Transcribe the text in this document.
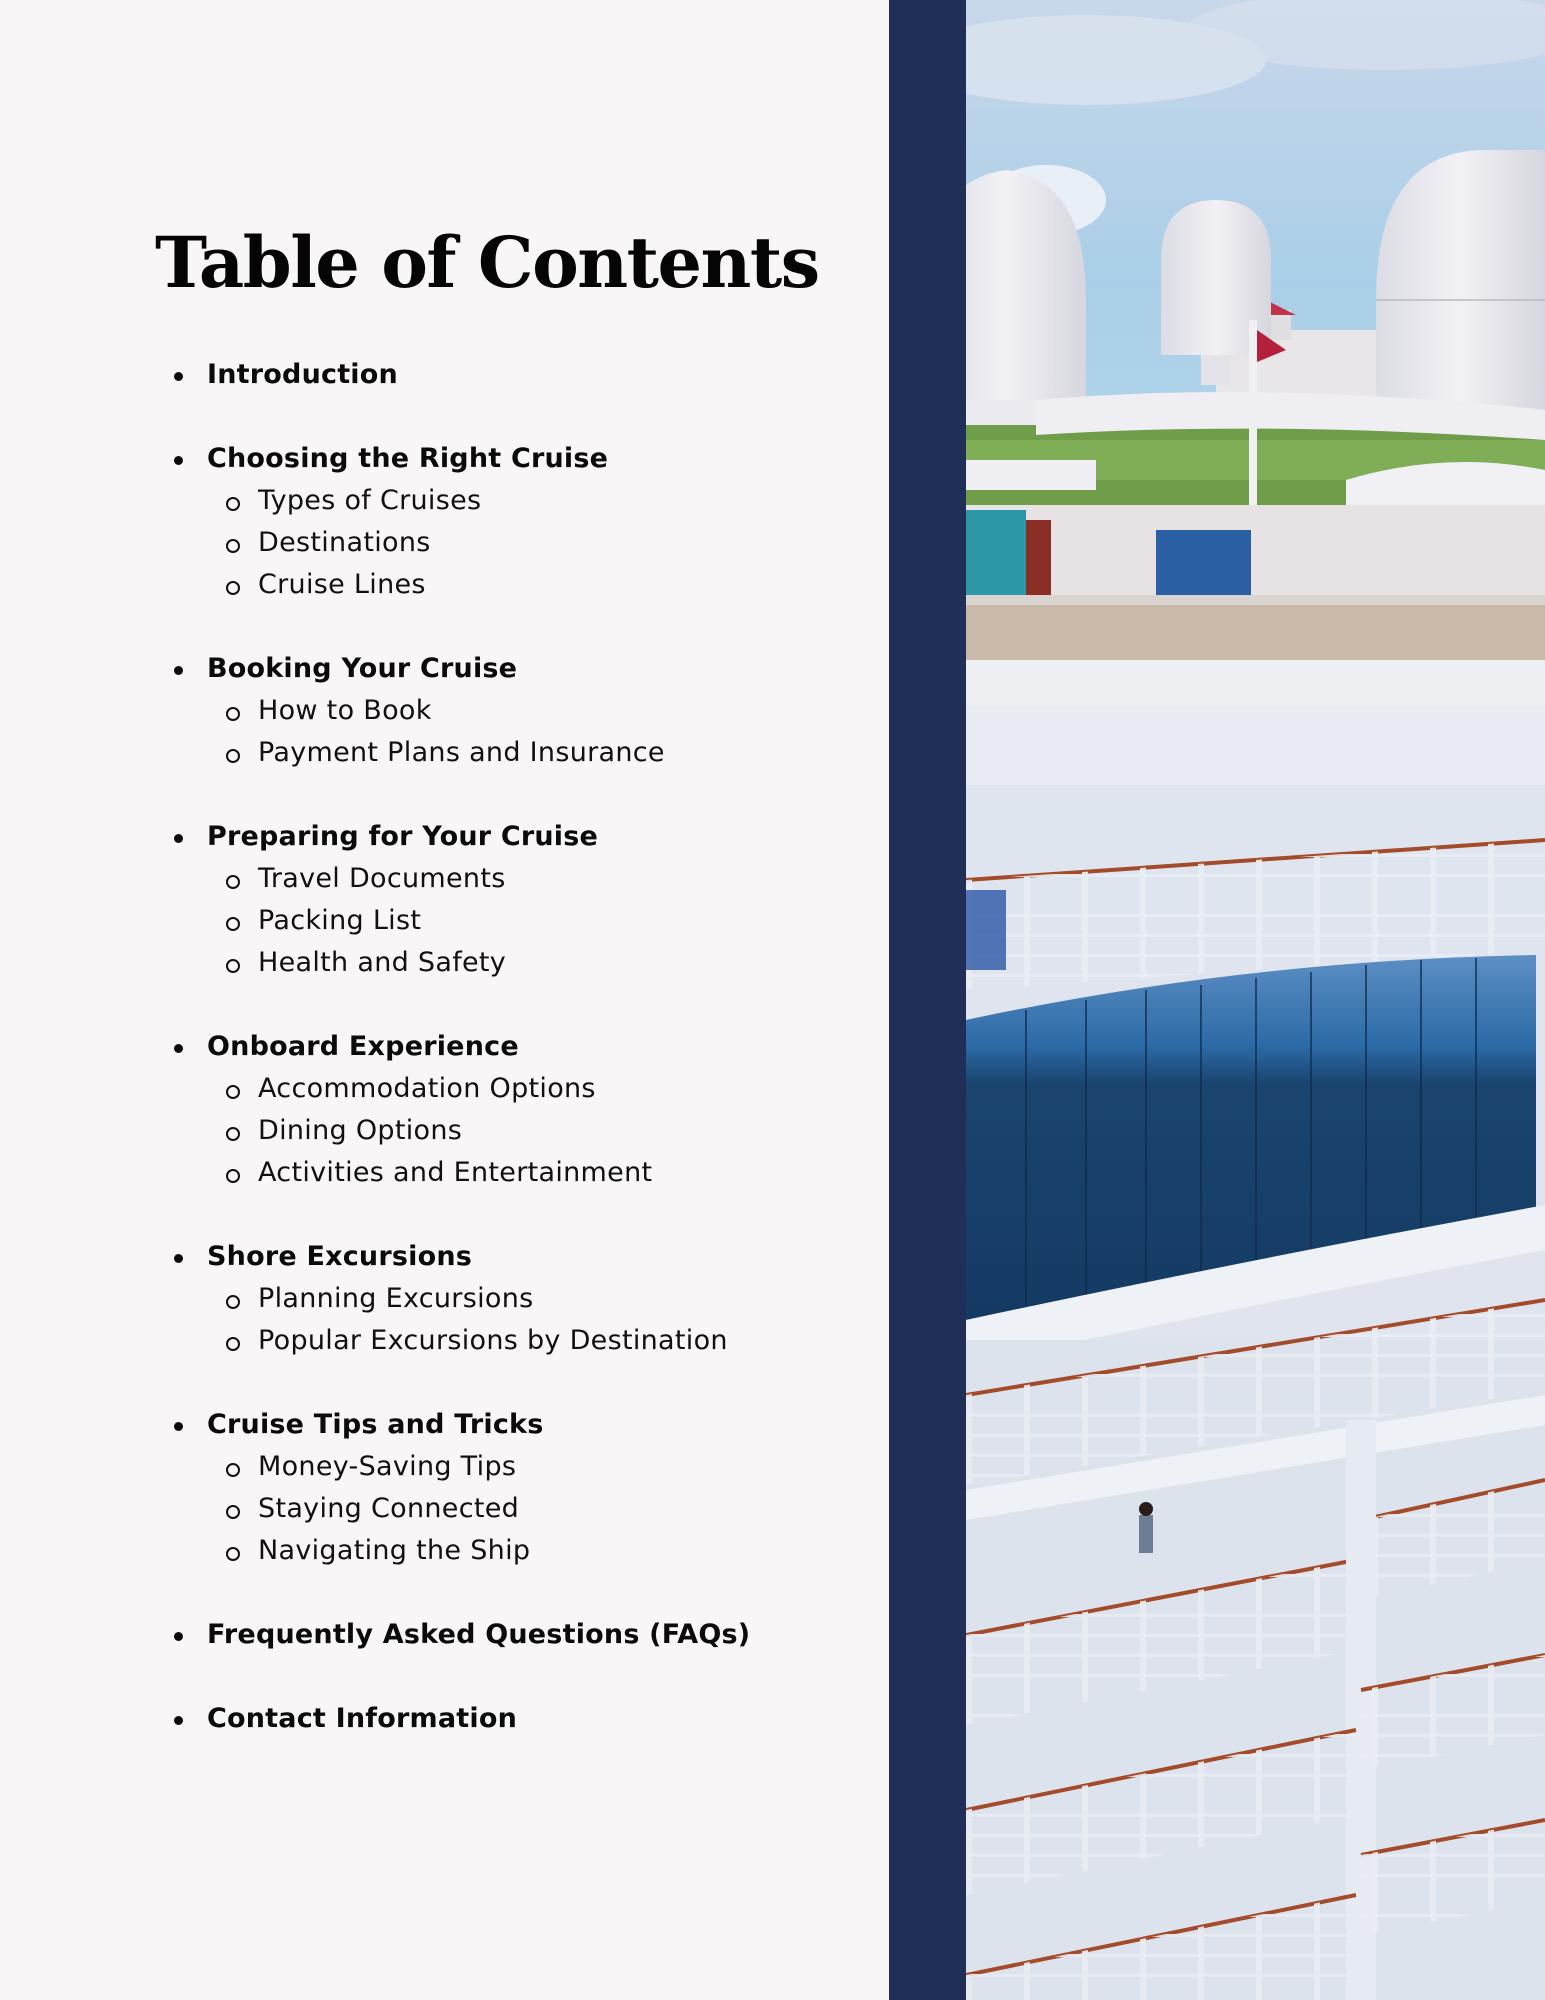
Table of Contents
Introduction
Choosing the Right Cruise
Types of Cruises
Destinations
Cruise Lines
Booking Your Cruise
How to Book
Payment Plans and Insurance
Preparing for Your Cruise
Travel Documents
Packing List
Health and Safety
Onboard Experience
Accommodation Options
Dining Options
Activities and Entertainment
Shore Excursions
Planning Excursions
Popular Excursions by Destination
Cruise Tips and Tricks
Money-Saving Tips
Staying Connected
Navigating the Ship
Frequently Asked Questions (FAQs)
Contact Information
